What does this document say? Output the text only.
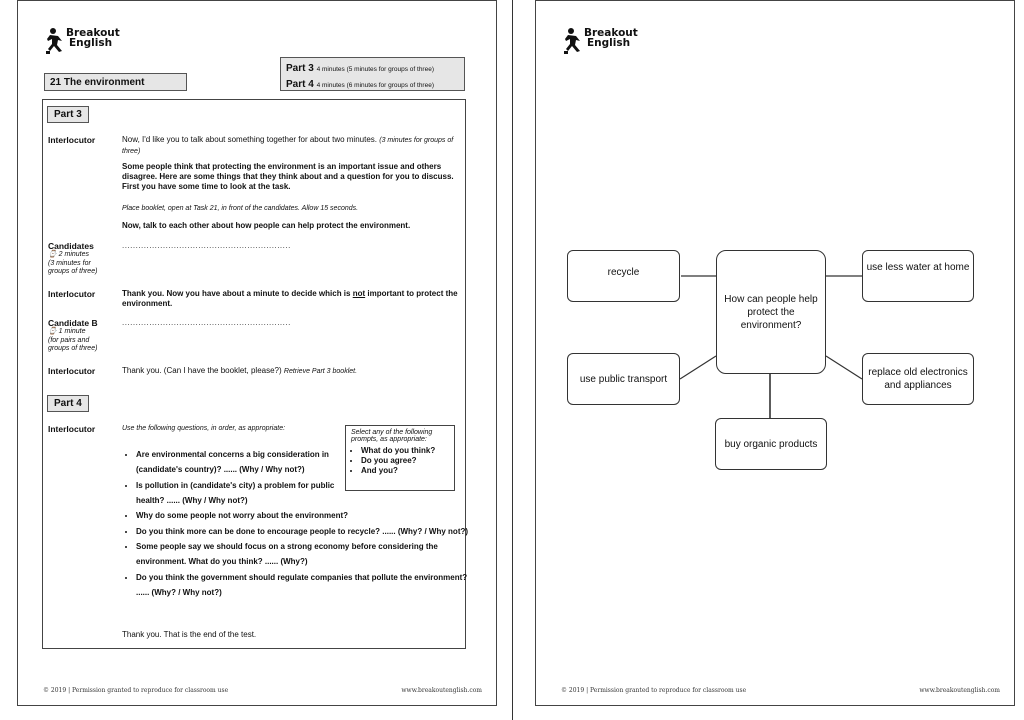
Breakout
English
Part 3 4 minutes (5 minutes for groups of three)
Part 4 4 minutes (6 minutes for groups of three)
21 The environment
Part 3
Interlocutor	Now, I'd like you to talk about something together for about two minutes. (3 minutes for groups of three)
Some people think that protecting the environment is an important issue and others disagree. Here are some things that they think about and a question for you to discuss. First you have some time to look at the task.
Place booklet, open at Task 21, in front of the candidates. Allow 15 seconds.
Now, talk to each other about how people can help protect the environment.
Candidates
⌚ 2 minutes
(3 minutes for groups of three)
..............................................................
Interlocutor	Thank you. Now you have about a minute to decide which is not important to protect the environment.
Candidate B
⌚ 1 minute
(for pairs and groups of three)
..............................................................
Interlocutor	Thank you. (Can I have the booklet, please?) Retrieve Part 3 booklet.
Part 4
Interlocutor	Use the following questions, in order, as appropriate:
Select any of the following prompts, as appropriate:
• What do you think?
• Do you agree?
• And you?
• Are environmental concerns a big consideration in (candidate's country)? ...... (Why / Why not?)
• Is pollution in (candidate's city) a problem for public health? ...... (Why / Why not?)
• Why do some people not worry about the environment?
• Do you think more can be done to encourage people to recycle? ...... (Why? / Why not?)
• Some people say we should focus on a strong economy before considering the environment. What do you think? ...... (Why?)
• Do you think the government should regulate companies that pollute the environment? ...... (Why? / Why not?)
Thank you. That is the end of the test.
© 2019 | Permission granted to reproduce for classroom use	www.breakoutenglish.com
Breakout
English
How can people help protect the environment?
recycle	use less water at home
use public transport
replace old electronics and appliances
buy organic products
© 2019 | Permission granted to reproduce for classroom use	www.breakoutenglish.com
